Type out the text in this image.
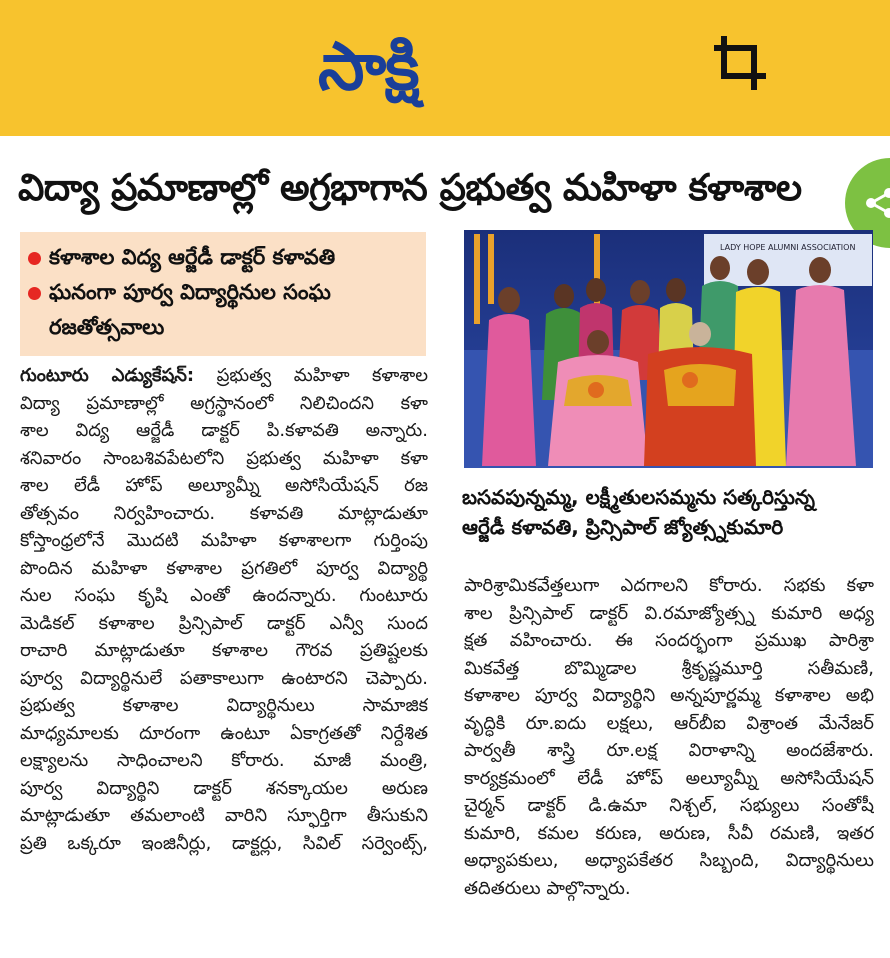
సాక్షి
విద్యా ప్రమాణాల్లో అగ్రభాగాన ప్రభుత్వ మహిళా కళాశాల
కళాశాల విద్య ఆర్జేడీ డాక్టర్ కళావతి
ఘనంగా పూర్వ విద్యార్థినుల సంఘ
రజతోత్సవాలు
గుంటూరు ఎడ్యుకేషన్: ప్రభుత్వ మహిళా కళాశాల
విద్యా ప్రమాణాల్లో అగ్రస్థానంలో నిలిచిందని కళా
శాల విద్య ఆర్జేడీ డాక్టర్ పి.కళావతి అన్నారు.
శనివారం సాంబశివపేటలోని ప్రభుత్వ మహిళా కళా
శాల లేడీ హోప్ అల్యూమ్నీ అసోసియేషన్ రజ
తోత్సవం నిర్వహించారు. కళావతి మాట్లాడుతూ
కోస్తాంధ్రలోనే మొదటి మహిళా కళాశాలగా గుర్తింపు
పొందిన మహిళా కళాశాల ప్రగతిలో పూర్వ విద్యార్థి
నుల సంఘ కృషి ఎంతో ఉందన్నారు. గుంటూరు
మెడికల్ కళాశాల ప్రిన్సిపాల్ డాక్టర్ ఎన్వీ సుంద
రాచారి మాట్లాడుతూ కళాశాల గౌరవ ప్రతిష్టలకు
పూర్వ విద్యార్థినులే పతాకాలుగా ఉంటారని చెప్పారు.
ప్రభుత్వ కళాశాల విద్యార్థినులు సామాజిక
మాధ్యమాలకు దూరంగా ఉంటూ ఏకాగ్రతతో నిర్దేశిత
లక్ష్యాలను సాధించాలని కోరారు. మాజీ మంత్రి,
పూర్వ విద్యార్థిని డాక్టర్ శనక్కాయల అరుణ
మాట్లాడుతూ తమలాంటి వారిని స్ఫూర్తిగా తీసుకుని
ప్రతి ఒక్కరూ ఇంజినీర్లు, డాక్టర్లు, సివిల్ సర్వెంట్స్,
LADY HOPE ALUMNI ASSOCIATION
బసవపున్నమ్మ, లక్ష్మీతులసమ్మను సత్కరిస్తున్న
ఆర్జేడీ కళావతి, ప్రిన్సిపాల్ జ్యోత్స్నకుమారి
పారిశ్రామికవేత్తలుగా ఎదగాలని కోరారు. సభకు కళా
శాల ప్రిన్సిపాల్ డాక్టర్ వి.రమాజ్యోత్స్న కుమారి అధ్య
క్షత వహించారు. ఈ సందర్భంగా ప్రముఖ పారిశ్రా
మికవేత్త బొమ్మిడాల శ్రీకృష్ణమూర్తి సతీమణి,
కళాశాల పూర్వ విద్యార్థిని అన్నపూర్ణమ్మ కళాశాల అభి
వృద్ధికి రూ.ఐదు లక్షలు, ఆర్‌బీఐ విశ్రాంత మేనేజర్
పార్వతీ శాస్త్రి రూ.లక్ష విరాళాన్ని అందజేశారు.
కార్యక్రమంలో లేడీ హోప్ అల్యూమ్నీ అసోసియేషన్
చైర్మన్ డాక్టర్ డి.ఉమా నిశ్చల్, సభ్యులు సంతోషీ
కుమారి, కమల కరుణ, అరుణ, సీవీ రమణి, ఇతర
అధ్యాపకులు, అధ్యాపకేతర సిబ్బంది, విద్యార్థినులు
తదితరులు పాల్గొన్నారు.
